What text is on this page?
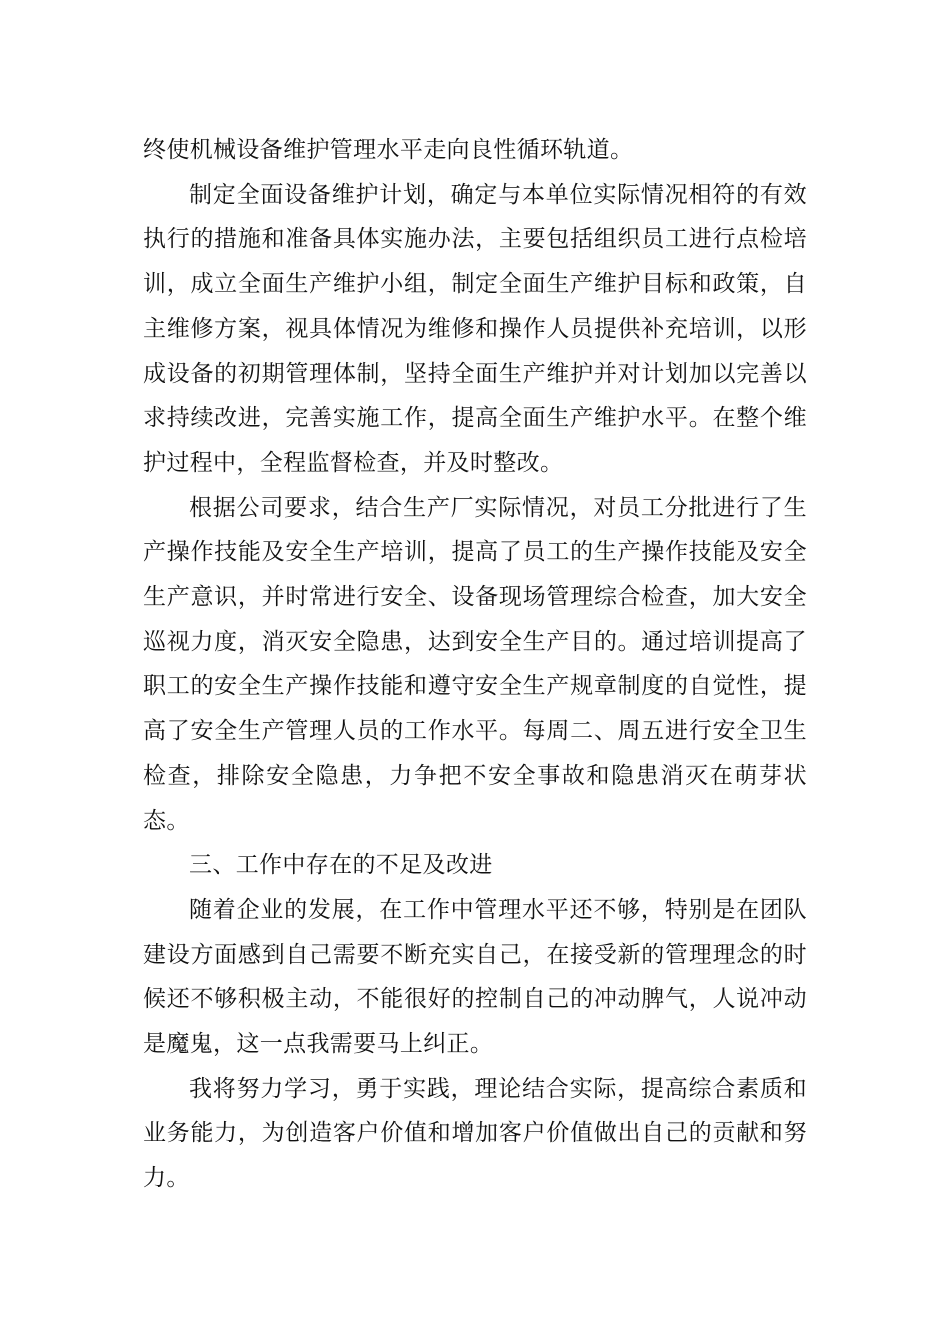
终使机械设备维护管理水平走向良性循环轨道。

制定全面设备维护计划，确定与本单位实际情况相符的有效执行的措施和准备具体实施办法，主要包括组织员工进行点检培训，成立全面生产维护小组，制定全面生产维护目标和政策，自主维修方案，视具体情况为维修和操作人员提供补充培训，以形成设备的初期管理体制，坚持全面生产维护并对计划加以完善以求持续改进，完善实施工作，提高全面生产维护水平。在整个维护过程中，全程监督检查，并及时整改。

根据公司要求，结合生产厂实际情况，对员工分批进行了生产操作技能及安全生产培训，提高了员工的生产操作技能及安全生产意识，并时常进行安全、设备现场管理综合检查，加大安全巡视力度，消灭安全隐患，达到安全生产目的。通过培训提高了职工的安全生产操作技能和遵守安全生产规章制度的自觉性，提高了安全生产管理人员的工作水平。每周二、周五进行安全卫生检查，排除安全隐患，力争把不安全事故和隐患消灭在萌芽状态。

三、工作中存在的不足及改进

随着企业的发展，在工作中管理水平还不够，特别是在团队建设方面感到自己需要不断充实自己，在接受新的管理理念的时候还不够积极主动，不能很好的控制自己的冲动脾气，人说冲动是魔鬼，这一点我需要马上纠正。

我将努力学习，勇于实践，理论结合实际，提高综合素质和业务能力，为创造客户价值和增加客户价值做出自己的贡献和努力。
